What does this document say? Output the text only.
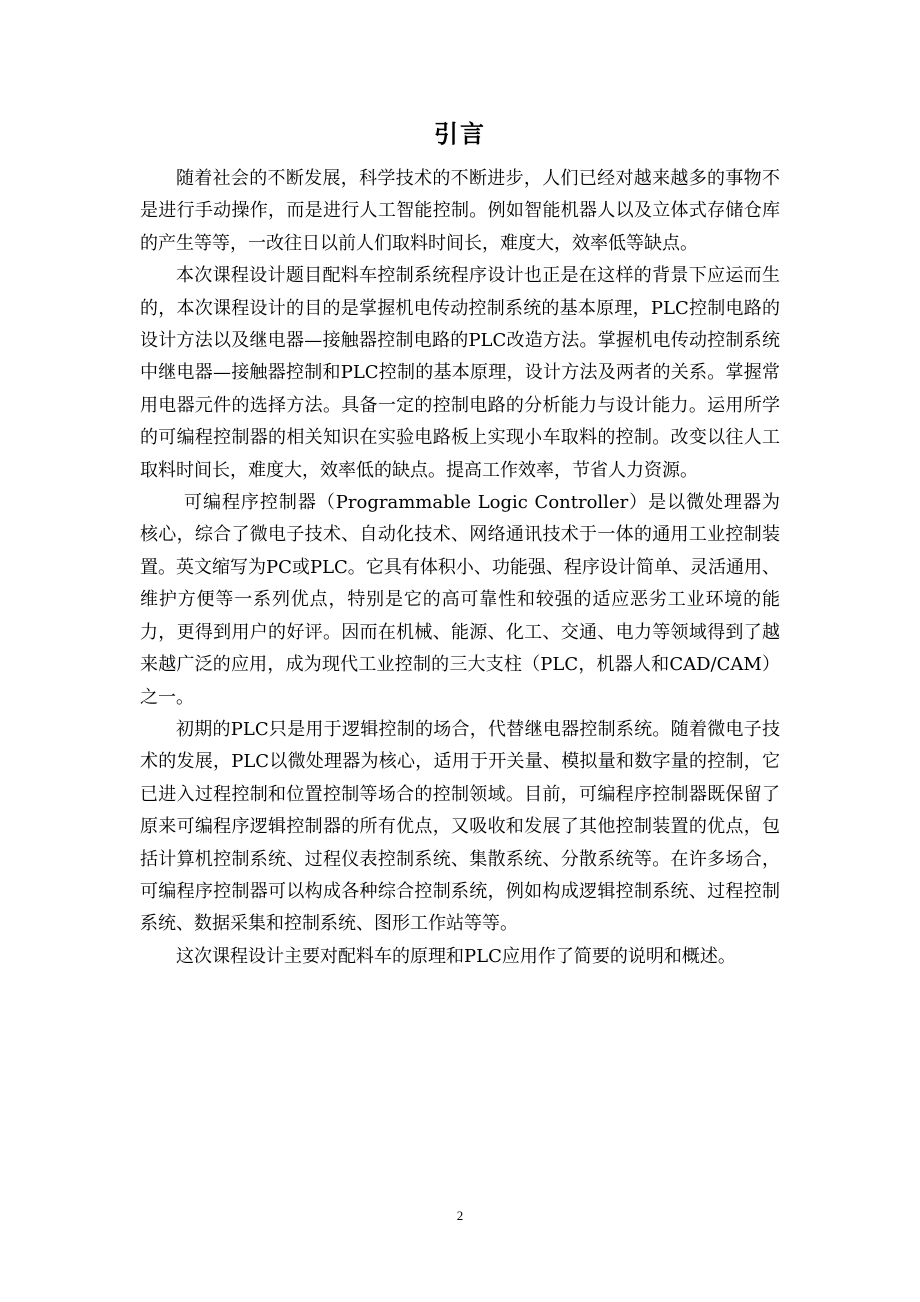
引言

随着社会的不断发展，科学技术的不断进步，人们已经对越来越多的事物不是进行手动操作，而是进行人工智能控制。例如智能机器人以及立体式存储仓库的产生等等，一改往日以前人们取料时间长，难度大，效率低等缺点。

本次课程设计题目配料车控制系统程序设计也正是在这样的背景下应运而生的，本次课程设计的目的是掌握机电传动控制系统的基本原理，PLC控制电路的设计方法以及继电器—接触器控制电路的PLC改造方法。掌握机电传动控制系统中继电器—接触器控制和PLC控制的基本原理，设计方法及两者的关系。掌握常用电器元件的选择方法。具备一定的控制电路的分析能力与设计能力。运用所学的可编程控制器的相关知识在实验电路板上实现小车取料的控制。改变以往人工取料时间长，难度大，效率低的缺点。提高工作效率，节省人力资源。

可编程序控制器（Programmable Logic Controller）是以微处理器为核心，综合了微电子技术、自动化技术、网络通讯技术于一体的通用工业控制装置。英文缩写为PC或PLC。它具有体积小、功能强、程序设计简单、灵活通用、维护方便等一系列优点，特别是它的高可靠性和较强的适应恶劣工业环境的能力，更得到用户的好评。因而在机械、能源、化工、交通、电力等领域得到了越来越广泛的应用，成为现代工业控制的三大支柱（PLC，机器人和CAD/CAM）之一。

初期的PLC只是用于逻辑控制的场合，代替继电器控制系统。随着微电子技术的发展，PLC以微处理器为核心，适用于开关量、模拟量和数字量的控制，它已进入过程控制和位置控制等场合的控制领域。目前，可编程序控制器既保留了原来可编程序逻辑控制器的所有优点，又吸收和发展了其他控制装置的优点，包括计算机控制系统、过程仪表控制系统、集散系统、分散系统等。在许多场合，可编程序控制器可以构成各种综合控制系统，例如构成逻辑控制系统、过程控制系统、数据采集和控制系统、图形工作站等等。

这次课程设计主要对配料车的原理和PLC应用作了简要的说明和概述。

2
